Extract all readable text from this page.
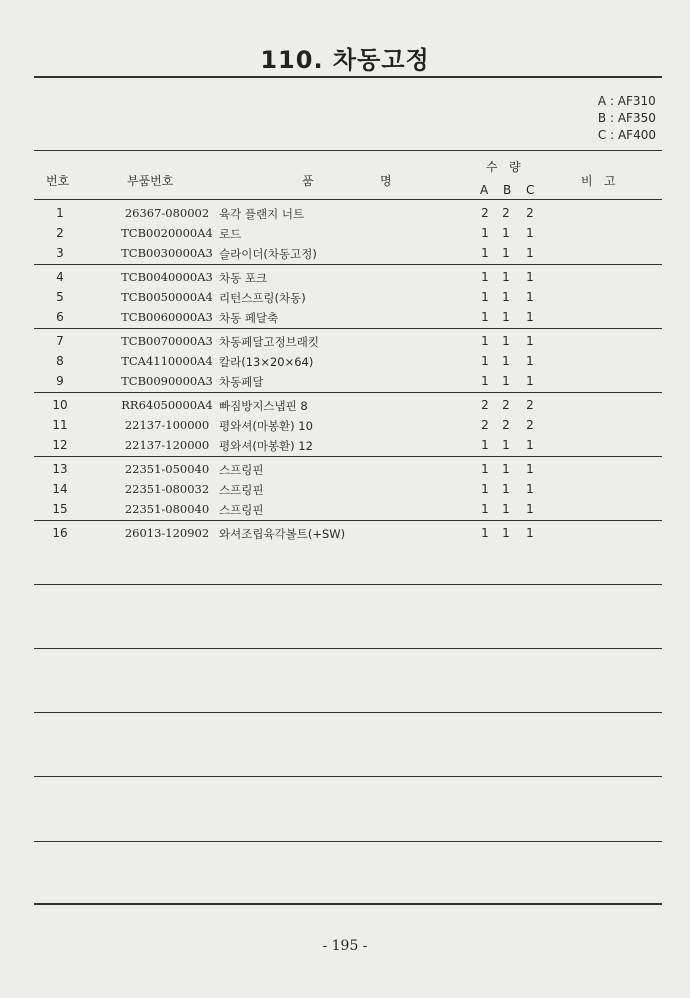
110. 차동고정
A : AF310
B : AF350
C : AF400
번호	부품번호	품	명
수   량
A B C
비   고
1	26367-080002 육각 플랜지 너트	2 2 2
2	TCB0020000A4 로드	1 1 1
3	TCB0030000A3 슬라이더(차동고정)	1 1 1
4	TCB0040000A3 차동 포크	1 1 1
5	TCB0050000A4 리턴스프링(차동)	1 1 1
6	TCB0060000A3 차동 페달축	1 1 1
7	TCB0070000A3 차동페달고정브래킷	1 1 1
8	TCA4110000A4 칼라(13×20×64)	1 1 1
9	TCB0090000A3 차동페달	1 1 1
10	RR64050000A4 빠짐방지스냅핀 8	2 2 2
11	22137-100000 평와셔(마봉환) 10	2 2 2
12	22137-120000 평와셔(마봉환) 12	1 1 1
13	22351-050040 스프링핀	1 1 1
14	22351-080032 스프링핀	1 1 1
15	22351-080040 스프링핀	1 1 1
16	26013-120902 와셔조립육각볼트(+SW)	1 1 1
- 195 -
